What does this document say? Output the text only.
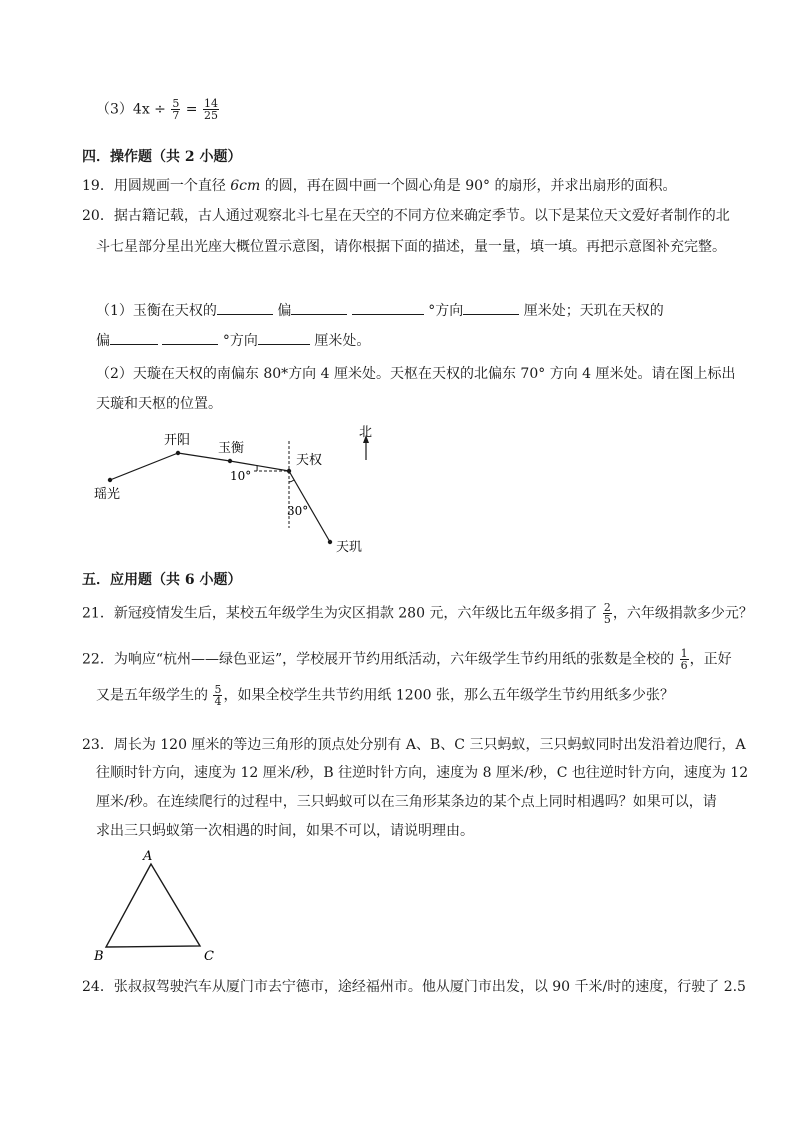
$(3)4x \div \frac{5}{7} = \frac{14}{25}$
四．操作题（共 2 小题）
19．用圆规画一个直径 6cm 的圆，再在圆中画一个圆心角是 90° 的扇形，并求出扇形的面积。
20．据古籍记载，古人通过观察北斗七星在天空的不同方位来确定季节。以下是某位天文爱好者制作的北
斗七星部分星出光座大概位置示意图，请你根据下面的描述，量一量，填一填。再把示意图补充完整。
（1）玉衡在天权的	偏	°方向	厘米处；天玑在天权的
偏	°方向	厘米处。
（2）天璇在天权的南偏东 80*方向 4 厘米处。天枢在天权的北偏东 70° 方向 4 厘米处。请在图上标出
天璇和天枢的位置。
北
开阳
玉衡
天权
瑶光
天玑
10°
30°
五．应用题（共 6 小题）
21．新冠疫情发生后，某校五年级学生为灾区捐款 280 元，六年级比五年级多捐了 $\frac{2}{5}$ ，六年级捐款多少元？
22．为响应“杭州——绿色亚运”，学校展开节约用纸活动，六年级学生节约用纸的张数是全校的 $\frac{1}{6}$ ，正好
又是五年级学生的 $\frac{5}{4}$ ，如果全校学生共节约用纸 1200 张，那么五年级学生节约用纸多少张？
23．周长为 120 厘米的等边三角形的顶点处分别有 A、B、C 三只蚂蚁，三只蚂蚁同时出发沿着边爬行，A
往顺时针方向，速度为 12 厘米/秒，B 往逆时针方向，速度为 8 厘米/秒，C 也往逆时针方向，速度为 12
厘米/秒。在连续爬行的过程中，三只蚂蚁可以在三角形某条边的某个点上同时相遇吗？如果可以，请
求出三只蚂蚁第一次相遇的时间，如果不可以，请说明理由。
A
B	C
24．张叔叔驾驶汽车从厦门市去宁德市，途经福州市。他从厦门市出发，以 90 千米/时的速度，行驶了 2.5
